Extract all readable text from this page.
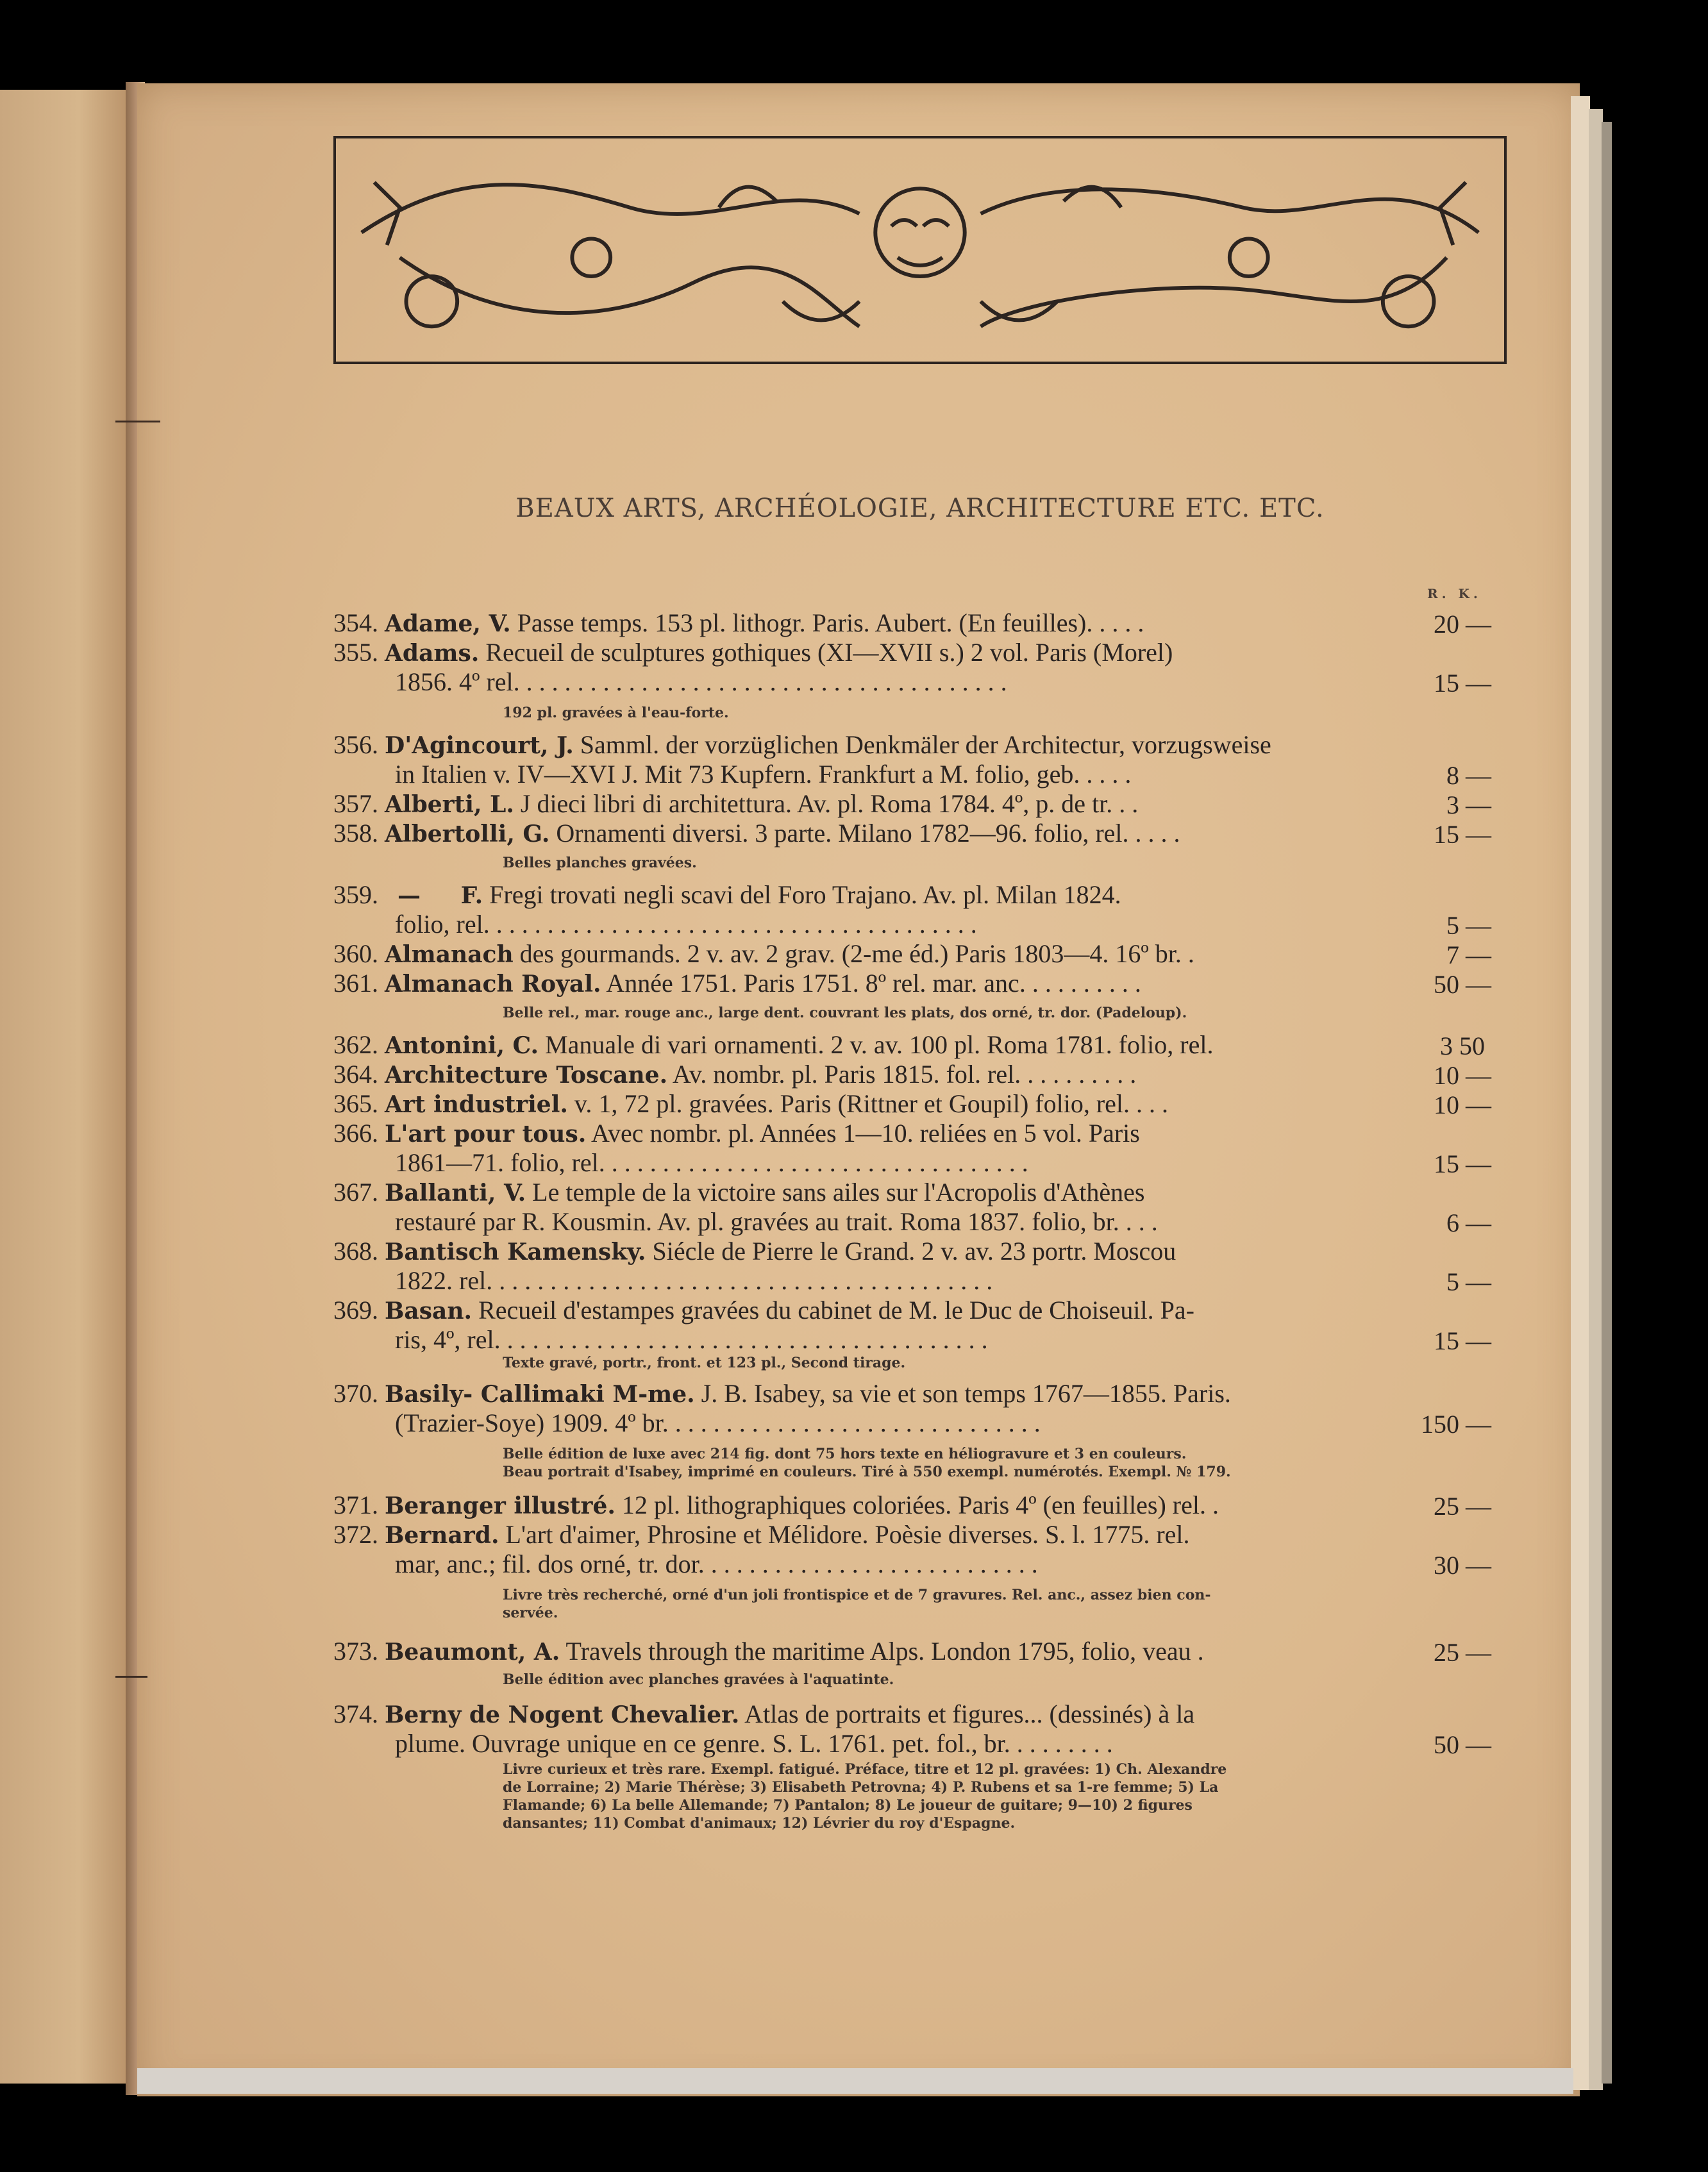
BEAUX ARTS, ARCHÉOLOGIE, ARCHITECTURE ETC. ETC.
R. K.
354. Adame, V. Passe temps. 153 pl. lithogr. Paris. Aubert. (En feuilles). . . . .	20 —
355. Adams. Recueil de sculptures gothiques (XI—XVII s.) 2 vol. Paris (Morel)
1856. 4º rel. . . . . . . . . . . . . . . . . . . . . . . . . . . . . . . . . . . . . . .	15 —
192 pl. gravées à l'eau-forte.
356. D'Agincourt, J. Samml. der vorzüglichen Denkmäler der Architectur, vorzugsweise
in Italien v. IV—XVI J. Mit 73 Kupfern. Frankfurt a M. folio, geb. . . . .	8 —
357. Alberti, L. J dieci libri di architettura. Av. pl. Roma 1784. 4º, p. de tr. . .	3 —
358. Albertolli, G. Ornamenti diversi. 3 parte. Milano 1782—96. folio, rel. . . . .	15 —
Belles planches gravées.
359. —     F. Fregi trovati negli scavi del Foro Trajano. Av. pl. Milan 1824.
folio, rel. . . . . . . . . . . . . . . . . . . . . . . . . . . . . . . . . . . . . . .	5 —
360. Almanach des gourmands. 2 v. av. 2 grav. (2-me éd.) Paris 1803—4. 16º br. .	7 —
361. Almanach Royal. Année 1751. Paris 1751. 8º rel. mar. anc. . . . . . . . . .	50 —
Belle rel., mar. rouge anc., large dent. couvrant les plats, dos orné, tr. dor. (Padeloup).
362. Antonini, C. Manuale di vari ornamenti. 2 v. av. 100 pl. Roma 1781. folio, rel.	3 50
364. Architecture Toscane. Av. nombr. pl. Paris 1815. fol. rel. . . . . . . . . .	10 —
365. Art industriel. v. 1, 72 pl. gravées. Paris (Rittner et Goupil) folio, rel. . . .	10 —
366. L'art pour tous. Avec nombr. pl. Années 1—10. reliées en 5 vol. Paris
1861—71. folio, rel. . . . . . . . . . . . . . . . . . . . . . . . . . . . . . . . . .	15 —
367. Ballanti, V. Le temple de la victoire sans ailes sur l'Acropolis d'Athènes
restauré par R. Kousmin. Av. pl. gravées au trait. Roma 1837. folio, br. . . .	6 —
368. Bantisch Kamensky. Siécle de Pierre le Grand. 2 v. av. 23 portr. Moscou
1822. rel. . . . . . . . . . . . . . . . . . . . . . . . . . . . . . . . . . . . . . . .	5 —
369. Basan. Recueil d'estampes gravées du cabinet de M. le Duc de Choiseuil. Pa-
ris, 4º, rel. . . . . . . . . . . . . . . . . . . . . . . . . . . . . . . . . . . . . . .	15 —
Texte gravé, portr., front. et 123 pl., Second tirage.
370. Basily- Callimaki M-me. J. B. Isabey, sa vie et son temps 1767—1855. Paris.
(Trazier-Soye) 1909. 4º br. . . . . . . . . . . . . . . . . . . . . . . . . . . . . .	150 —
Belle édition de luxe avec 214 fig. dont 75 hors texte en héliogravure et 3 en couleurs.
Beau portrait d'Isabey, imprimé en couleurs. Tiré à 550 exempl. numérotés. Exempl. № 179.
371. Beranger illustré. 12 pl. lithographiques coloriées. Paris 4º (en feuilles) rel. .	25 —
372. Bernard. L'art d'aimer, Phrosine et Mélidore. Poèsie diverses. S. l. 1775. rel.
mar, anc.; fil. dos orné, tr. dor. . . . . . . . . . . . . . . . . . . . . . . . . . .	30 —
Livre très recherché, orné d'un joli frontispice et de 7 gravures. Rel. anc., assez bien con-
servée.
373. Beaumont, A. Travels through the maritime Alps. London 1795, folio, veau .	25 —
Belle édition avec planches gravées à l'aquatinte.
374. Berny de Nogent Chevalier. Atlas de portraits et figures... (dessinés) à la
plume. Ouvrage unique en ce genre. S. L. 1761. pet. fol., br. . . . . . . . .	50 —
Livre curieux et très rare. Exempl. fatigué. Préface, titre et 12 pl. gravées: 1) Ch. Alexandre
de Lorraine; 2) Marie Thérèse; 3) Elisabeth Petrovna; 4) P. Rubens et sa 1-re femme; 5) La
Flamande; 6) La belle Allemande; 7) Pantalon; 8) Le joueur de guitare; 9—10) 2 figures
dansantes; 11) Combat d'animaux; 12) Lévrier du roy d'Espagne.
